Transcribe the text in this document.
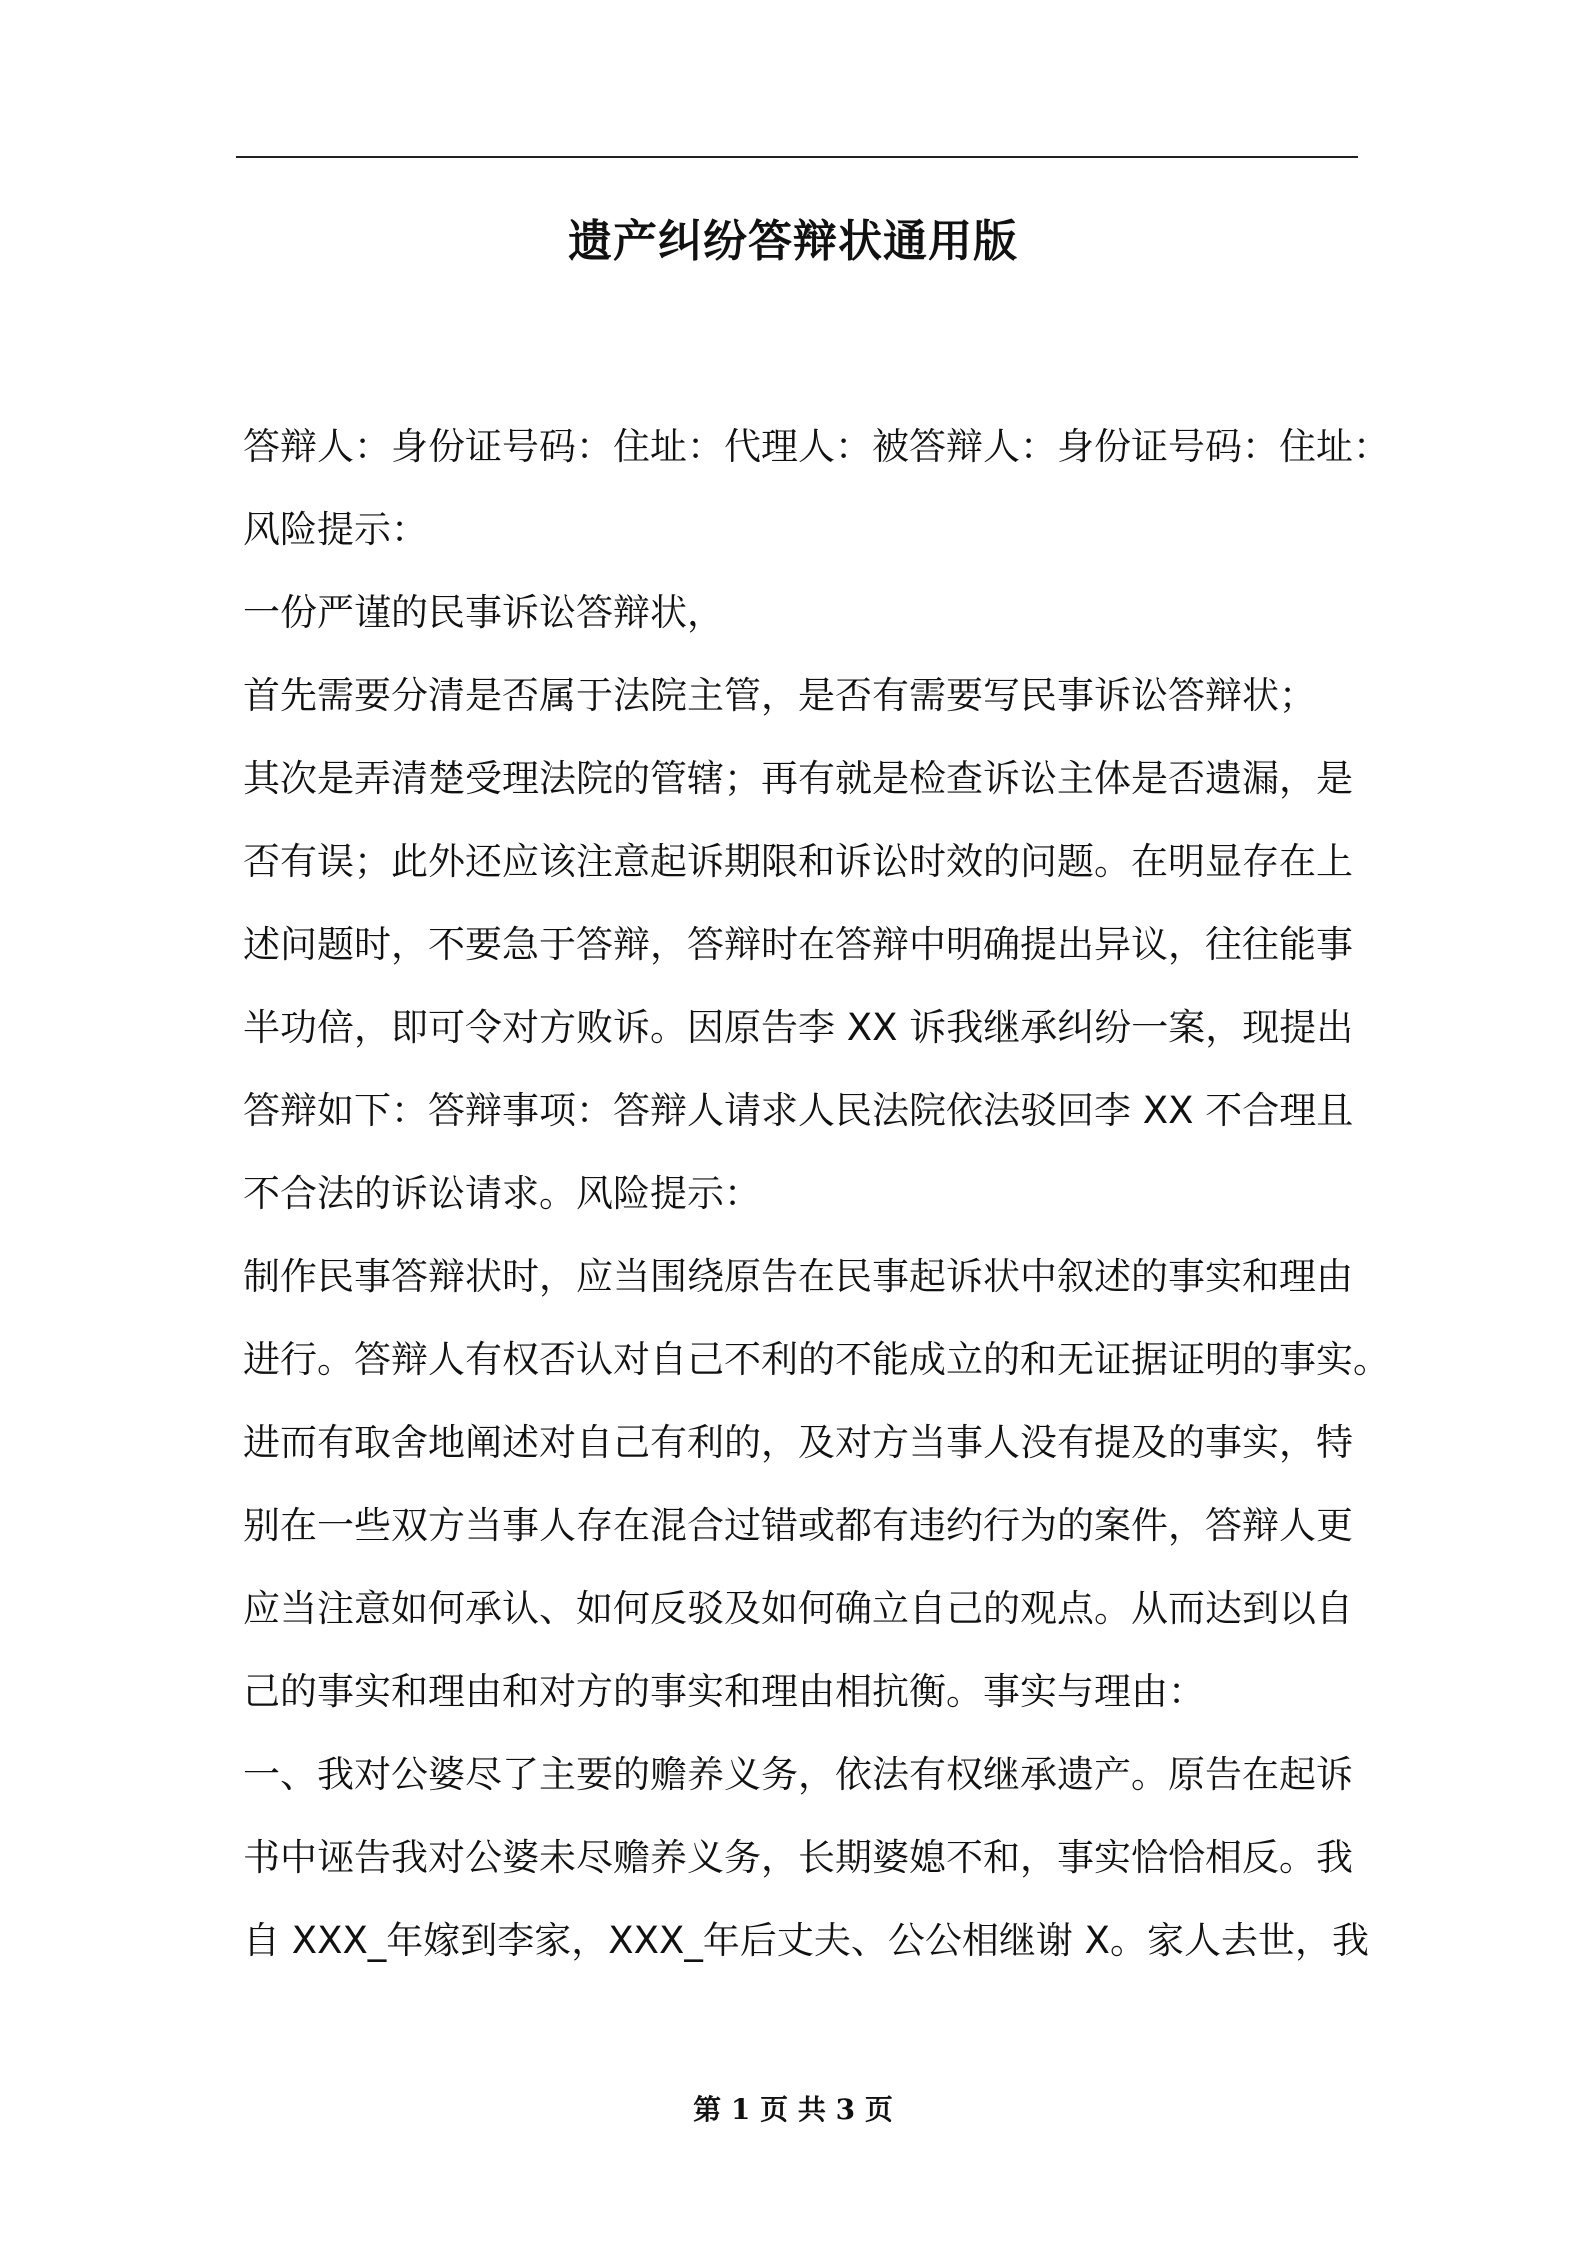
遗产纠纷答辩状通用版
答辩人：身份证号码：住址：代理人：被答辩人：身份证号码：住址：
风险提示：
一份严谨的民事诉讼答辩状，
首先需要分清是否属于法院主管，是否有需要写民事诉讼答辩状；
其次是弄清楚受理法院的管辖；再有就是检查诉讼主体是否遗漏，是
否有误；此外还应该注意起诉期限和诉讼时效的问题。在明显存在上
述问题时，不要急于答辩，答辩时在答辩中明确提出异议，往往能事
半功倍，即可令对方败诉。因原告李 XX 诉我继承纠纷一案，现提出
答辩如下：答辩事项：答辩人请求人民法院依法驳回李 XX 不合理且
不合法的诉讼请求。风险提示：
制作民事答辩状时，应当围绕原告在民事起诉状中叙述的事实和理由
进行。答辩人有权否认对自己不利的不能成立的和无证据证明的事实。
进而有取舍地阐述对自己有利的，及对方当事人没有提及的事实，特
别在一些双方当事人存在混合过错或都有违约行为的案件，答辩人更
应当注意如何承认、如何反驳及如何确立自己的观点。从而达到以自
己的事实和理由和对方的事实和理由相抗衡。事实与理由：
一、我对公婆尽了主要的赡养义务，依法有权继承遗产。原告在起诉
书中诬告我对公婆未尽赡养义务，长期婆媳不和，事实恰恰相反。我
自 XXX_年嫁到李家，XXX_年后丈夫、公公相继谢 X。家人去世，我
第 1 页 共 3 页
